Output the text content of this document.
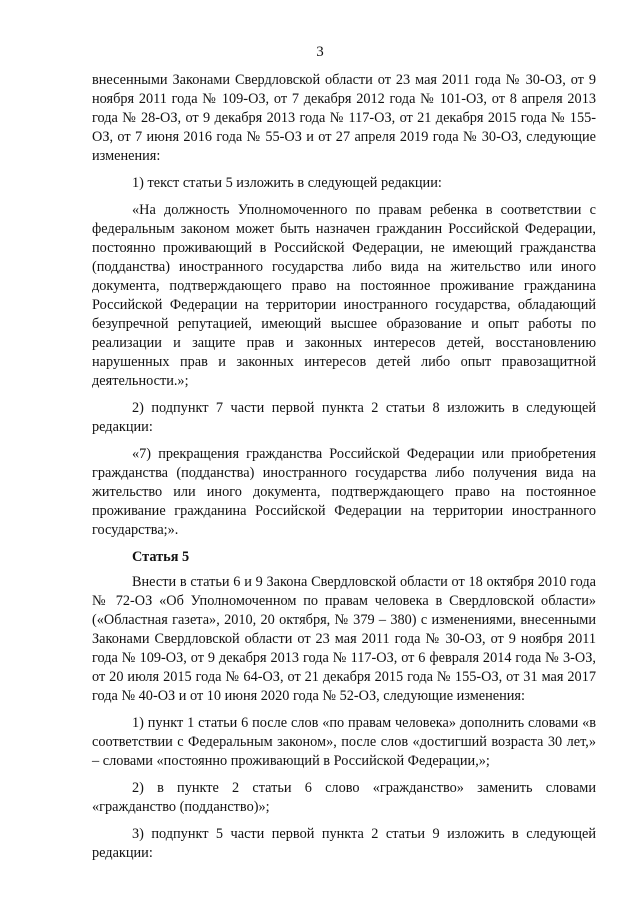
3

внесенными Законами Свердловской области от 23 мая 2011 года № 30-ОЗ, от 9 ноября 2011 года № 109-ОЗ, от 7 декабря 2012 года № 101-ОЗ, от 8 апреля 2013 года № 28-ОЗ, от 9 декабря 2013 года № 117-ОЗ, от 21 декабря 2015 года № 155-ОЗ, от 7 июня 2016 года № 55-ОЗ и от 27 апреля 2019 года № 30-ОЗ, следующие изменения:

1) текст статьи 5 изложить в следующей редакции:

«На должность Уполномоченного по правам ребенка в соответствии с федеральным законом может быть назначен гражданин Российской Федерации, постоянно проживающий в Российской Федерации, не имеющий гражданства (подданства) иностранного государства либо вида на жительство или иного документа, подтверждающего право на постоянное проживание гражданина Российской Федерации на территории иностранного государства, обладающий безупречной репутацией, имеющий высшее образование и опыт работы по реализации и защите прав и законных интересов детей, восстановлению нарушенных прав и законных интересов детей либо опыт правозащитной деятельности.»;

2) подпункт 7 части первой пункта 2 статьи 8 изложить в следующей редакции:

«7) прекращения гражданства Российской Федерации или приобретения гражданства (подданства) иностранного государства либо получения вида на жительство или иного документа, подтверждающего право на постоянное проживание гражданина Российской Федерации на территории иностранного государства;».

Статья 5

Внести в статьи 6 и 9 Закона Свердловской области от 18 октября 2010 года № 72-ОЗ «Об Уполномоченном по правам человека в Свердловской области» («Областная газета», 2010, 20 октября, № 379 – 380) с изменениями, внесенными Законами Свердловской области от 23 мая 2011 года № 30-ОЗ, от 9 ноября 2011 года № 109-ОЗ, от 9 декабря 2013 года № 117-ОЗ, от 6 февраля 2014 года № 3-ОЗ, от 20 июля 2015 года № 64-ОЗ, от 21 декабря 2015 года № 155-ОЗ, от 31 мая 2017 года № 40-ОЗ и от 10 июня 2020 года № 52-ОЗ, следующие изменения:

1) пункт 1 статьи 6 после слов «по правам человека» дополнить словами «в соответствии с Федеральным законом», после слов «достигший возраста 30 лет,» – словами «постоянно проживающий в Российской Федерации,»;

2) в пункте 2 статьи 6 слово «гражданство» заменить словами «гражданство (подданство)»;

3) подпункт 5 части первой пункта 2 статьи 9 изложить в следующей редакции:
